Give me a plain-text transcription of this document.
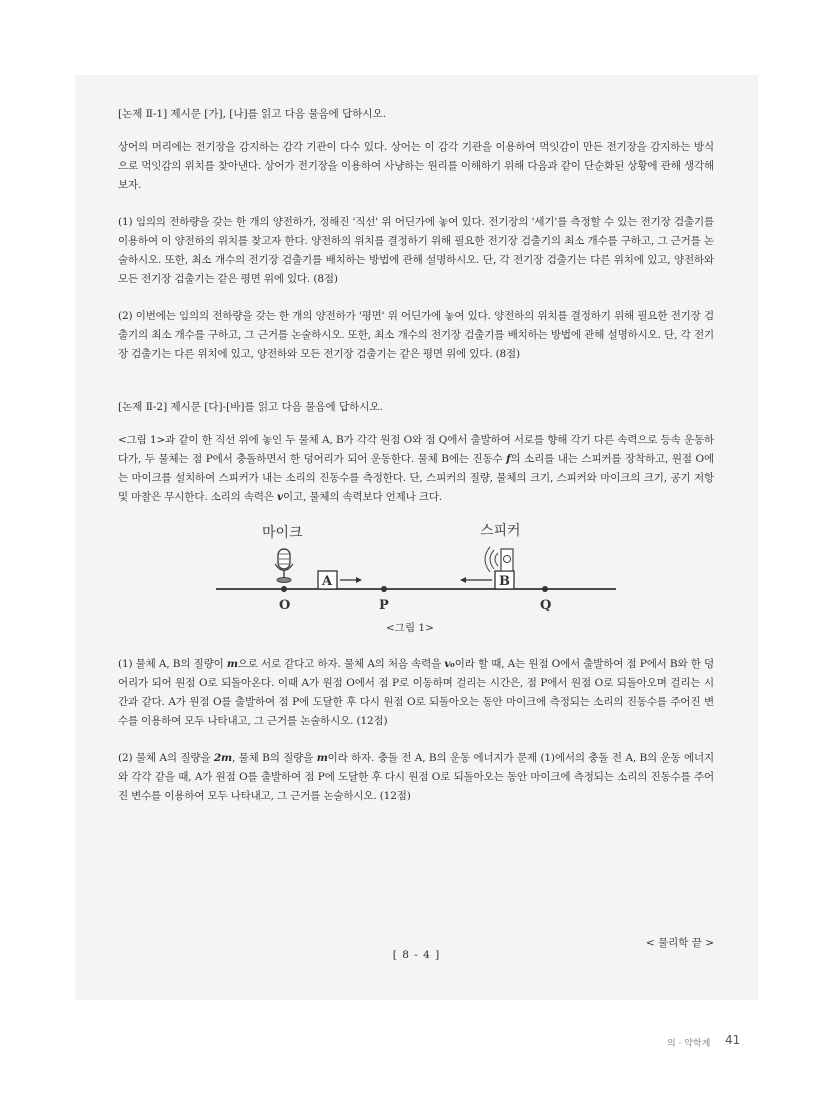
[논제 Ⅱ-1] 제시문 [가], [나]를 읽고 다음 물음에 답하시오.

상어의 머리에는 전기장을 감지하는 감각 기관이 다수 있다. 상어는 이 감각 기관을 이용하여 먹잇감이 만든 전기장을 감지하는 방식으로 먹잇감의 위치를 찾아낸다. 상어가 전기장을 이용하여 사냥하는 원리를 이해하기 위해 다음과 같이 단순화된 상황에 관해 생각해 보자.

(1) 임의의 전하량을 갖는 한 개의 양전하가, 정해진 '직선' 위 어딘가에 놓여 있다. 전기장의 '세기'를 측정할 수 있는 전기장 검출기를 이용하여 이 양전하의 위치를 찾고자 한다. 양전하의 위치를 결정하기 위해 필요한 전기장 검출기의 최소 개수를 구하고, 그 근거를 논술하시오. 또한, 최소 개수의 전기장 검출기를 배치하는 방법에 관해 설명하시오. 단, 각 전기장 검출기는 다른 위치에 있고, 양전하와 모든 전기장 검출기는 같은 평면 위에 있다. (8점)

(2) 이번에는 임의의 전하량을 갖는 한 개의 양전하가 '평면' 위 어딘가에 놓여 있다. 양전하의 위치를 결정하기 위해 필요한 전기장 검출기의 최소 개수를 구하고, 그 근거를 논술하시오. 또한, 최소 개수의 전기장 검출기를 배치하는 방법에 관해 설명하시오. 단, 각 전기장 검출기는 다른 위치에 있고, 양전하와 모든 전기장 검출기는 같은 평면 위에 있다. (8점)

[논제 Ⅱ-2] 제시문 [다]-[바]를 읽고 다음 물음에 답하시오.

<그림 1>과 같이 한 직선 위에 놓인 두 물체 A, B가 각각 원점 O와 점 Q에서 출발하여 서로를 향해 각기 다른 속력으로 등속 운동하다가, 두 물체는 점 P에서 충돌하면서 한 덩어리가 되어 운동한다. 물체 B에는 진동수 f의 소리를 내는 스피커를 장착하고, 원점 O에는 마이크를 설치하여 스피커가 내는 소리의 진동수를 측정한다. 단, 스피커의 질량, 물체의 크기, 스피커와 마이크의 크기, 공기 저항 및 마찰은 무시한다. 소리의 속력은 v이고, 물체의 속력보다 언제나 크다.

마이크
A	B
스피커
O	P	Q
<그림 1>

(1) 물체 A, B의 질량이 m으로 서로 같다고 하자. 물체 A의 처음 속력을 v₀이라 할 때, A는 원점 O에서 출발하여 점 P에서 B와 한 덩어리가 되어 원점 O로 되돌아온다. 이때 A가 원점 O에서 점 P로 이동하며 걸리는 시간은, 점 P에서 원점 O로 되돌아오며 걸리는 시간과 같다. A가 원점 O를 출발하여 점 P에 도달한 후 다시 원점 O로 되돌아오는 동안 마이크에 측정되는 소리의 진동수를 주어진 변수를 이용하여 모두 나타내고, 그 근거를 논술하시오. (12점)

(2) 물체 A의 질량을 2m, 물체 B의 질량을 m이라 하자. 충돌 전 A, B의 운동 에너지가 문제 (1)에서의 충돌 전 A, B의 운동 에너지와 각각 같을 때, A가 원점 O를 출발하여 점 P에 도달한 후 다시 원점 O로 되돌아오는 동안 마이크에 측정되는 소리의 진동수를 주어진 변수를 이용하여 모두 나타내고, 그 근거를 논술하시오. (12점)

< 물리학 끝 >
[ 8 - 4 ]
의 · 약학계 41
